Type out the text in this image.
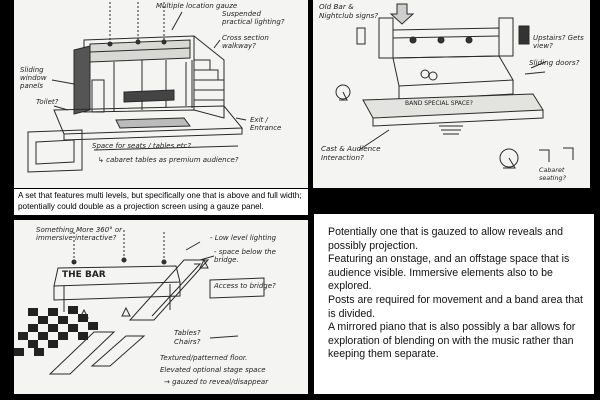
Multiple location gauze
Suspended practical lighting?
Cross section walkway?
Sliding window panels
Toilet?
Exit / Entrance
Space for seats / tables etc?
↳ cabaret tables as premium audience?
Old Bar & Nightclub signs?
Upstairs? Gets view?
Sliding doors?
BAND SPECIAL SPACE?
Cast & Audience Interaction?
Cabaret seating?
A set that features multi levels, but specifically one that is above and full width; potentially could double as a projection screen using a gauze panel.
Something More 360° or immersive interactive?	- Low level lighting
- space below the bridge.
Access to bridge?
THE BAR
Tables? Chairs?
Textured/patterned floor.
Elevated optional stage space
→ gauzed to reveal/disappear

Potentially one that is gauzed to allow reveals and possibly projection.

Featuring an onstage, and an offstage space that is audience visible. Immersive elements also to be explored.

Posts are required for movement and a band area that is divided.

A mirrored piano that is also possibly a bar allows for exploration of blending on with the music rather than keeping them separate.
